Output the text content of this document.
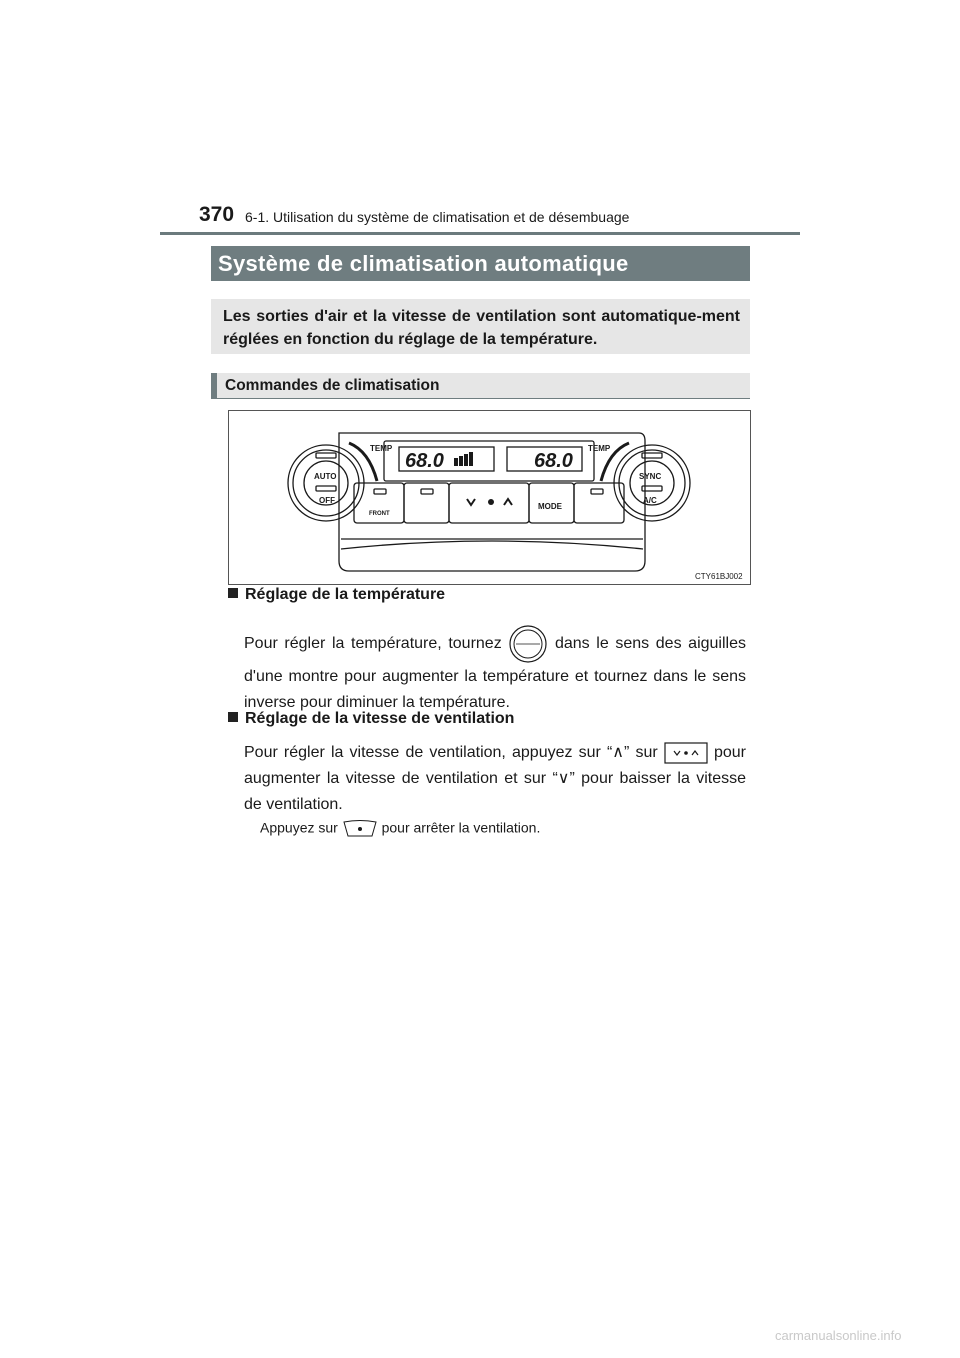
370 6-1. Utilisation du système de climatisation et de désembuage
Système de climatisation automatique
Les sorties d'air et la vitesse de ventilation sont automatique-ment réglées en fonction du réglage de la température.
Commandes de climatisation
TEMP	TEMP
68.0	68.0
AUTO
OFF
FRONT
MODE
SYNC
A/C
CTY61BJ002
Réglage de la température
Pour régler la température, tournez	dans le sens des aiguilles d'une montre pour augmenter la température et tournez dans le sens inverse pour diminuer la température.
Réglage de la vitesse de ventilation
Pour régler la vitesse de ventilation, appuyez sur “∧” sur	pour augmenter la vitesse de ventilation et sur “∨” pour baisser la vitesse de ventilation.
Appuyez sur	pour arrêter la ventilation.
carmanualsonline.info
